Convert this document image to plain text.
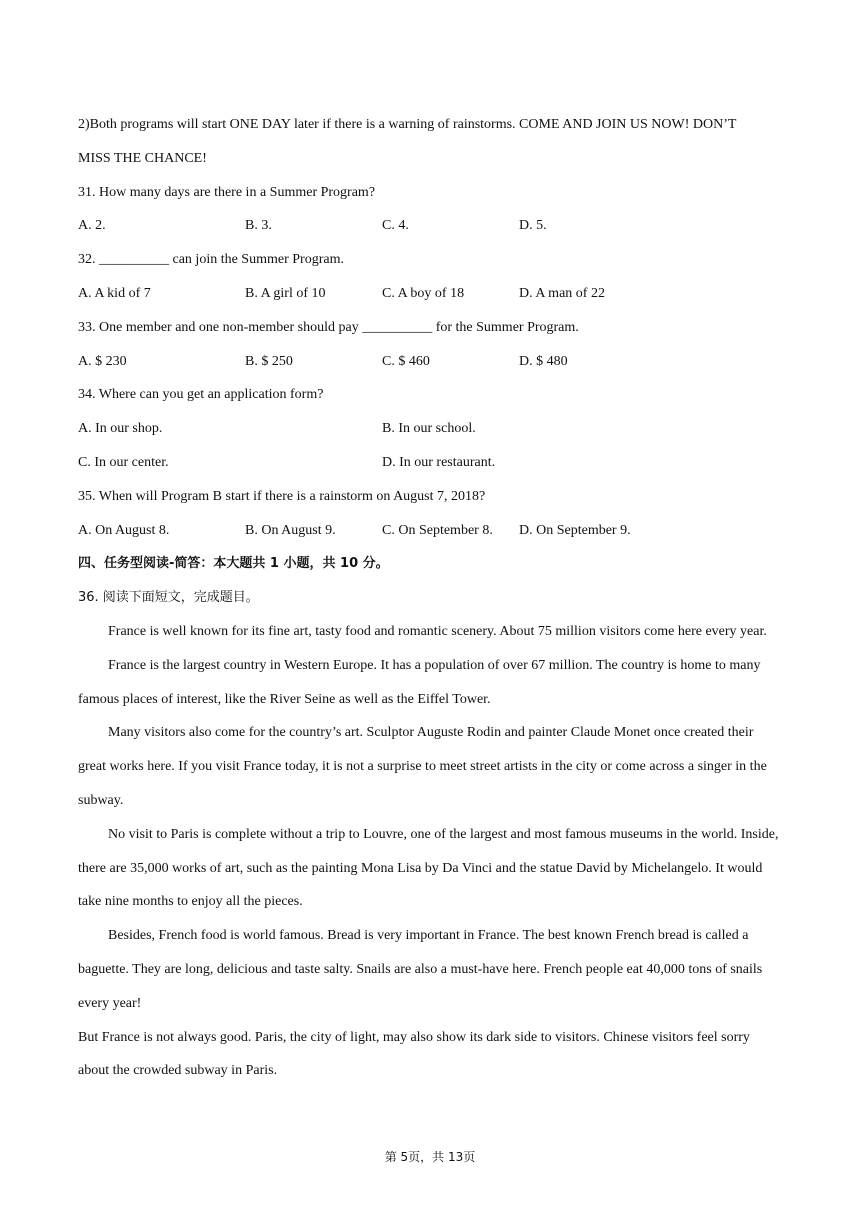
2)Both programs will start ONE DAY later if there is a warning of rainstorms. COME AND JOIN US NOW! DON’T
MISS THE CHANCE!
31. How many days are there in a Summer Program?
A. 2.	B. 3.	C. 4.	D. 5.
32. __________ can join the Summer Program.
A. A kid of 7	B. A girl of 10	C. A boy of 18	D. A man of 22
33. One member and one non-member should pay __________ for the Summer Program.
A. $ 230	B. $ 250	C. $ 460	D. $ 480
34. Where can you get an application form?
A. In our shop.	B. In our school.
C. In our center.	D. In our restaurant.
35. When will Program B start if there is a rainstorm on August 7, 2018?
A. On August 8.	B. On August 9.	C. On September 8.	D. On September 9.
四、任务型阅读-简答：本大题共 1 小题，共 10 分。
36. 阅读下面短文，完成题目。
France is well known for its fine art, tasty food and romantic scenery. About 75 million visitors come here every year.
France is the largest country in Western Europe. It has a population of over 67 million. The country is home to many famous places of interest, like the River Seine as well as the Eiffel Tower.
Many visitors also come for the country’s art. Sculptor Auguste Rodin and painter Claude Monet once created their great works here. If you visit France today, it is not a surprise to meet street artists in the city or come across a singer in the subway.
No visit to Paris is complete without a trip to Louvre, one of the largest and most famous museums in the world. Inside, there are 35,000 works of art, such as the painting Mona Lisa by Da Vinci and the statue David by Michelangelo. It would take nine months to enjoy all the pieces.
Besides, French food is world famous. Bread is very important in France. The best known French bread is called a baguette. They are long, delicious and taste salty. Snails are also a must-have here. French people eat 40,000 tons of snails every year!
But France is not always good. Paris, the city of light, may also show its dark side to visitors. Chinese visitors feel sorry about the crowded subway in Paris.
第 5页，共 13页
